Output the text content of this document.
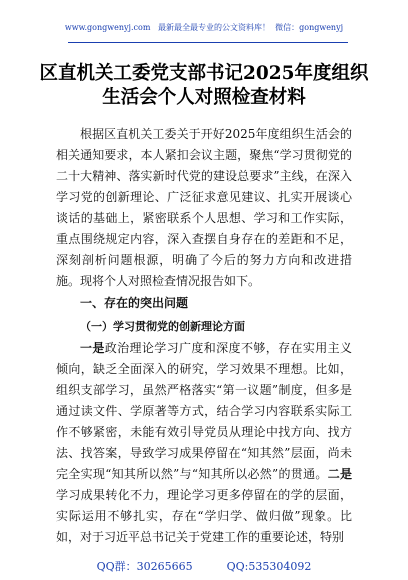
www.gongwenyj.com 最新最全最专业的公文资料库！ 微信：gongwenyj
区直机关工委党支部书记2025年度组织
生活会个人对照检查材料

根据区直机关工委关于开好2025年度组织生活会的相关通知要求，本人紧扣会议主题，聚焦“学习贯彻党的二十大精神、落实新时代党的建设总要求”主线，在深入学习党的创新理论、广泛征求意见建议、扎实开展谈心谈话的基础上，紧密联系个人思想、学习和工作实际，重点围绕规定内容，深入查摆自身存在的差距和不足，深刻剖析问题根源，明确了今后的努力方向和改进措施。现将个人对照检查情况报告如下。

一、存在的突出问题

（一）学习贯彻党的创新理论方面

一是政治理论学习广度和深度不够，存在实用主义倾向，缺乏全面深入的研究，学习效果不理想。比如，组织支部学习，虽然严格落实“第一议题”制度，但多是通过读文件、学原著等方式，结合学习内容联系实际工作不够紧密，未能有效引导党员从理论中找方向、找方法、找答案，导致学习成果停留在“知其然”层面，尚未完全实现“知其所以然”与“知其所以必然”的贯通。二是学习成果转化不力，理论学习更多停留在的学的层面，实际运用不够扎实，存在“学归学、做归做”现象。比如，对于习近平总书记关于党建工作的重要论述，特别

QQ群：30265665	QQ:535304092
